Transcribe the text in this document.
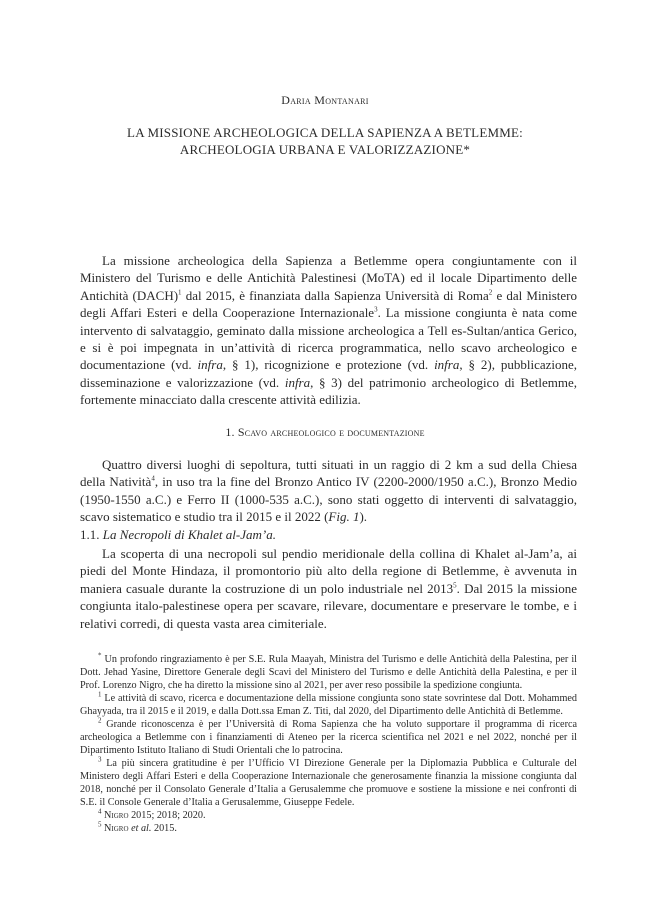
Daria Montanari
LA MISSIONE ARCHEOLOGICA DELLA SAPIENZA A BETLEMME:
ARCHEOLOGIA URBANA E VALORIZZAZIONE*

La missione archeologica della Sapienza a Betlemme opera congiuntamente con il Ministero del Turismo e delle Antichità Palestinesi (MoTA) ed il locale Dipartimento delle Antichità (DACH)$^1$ dal 2015, è finanziata dalla Sapienza Università di Roma$^2$ e dal Ministero degli Affari Esteri e della Cooperazione Internazionale$^3$. La missione congiunta è nata come intervento di salvataggio, geminato dalla missione archeologica a Tell es-Sultan/antica Gerico, e si è poi impegnata in un’attività di ricerca programmatica, nello scavo archeologico e documentazione (vd. infra, § 1), ricognizione e protezione (vd. infra, § 2), pubblicazione, disseminazione e valorizzazione (vd. infra, § 3) del patrimonio archeologico di Betlemme, fortemente minacciato dalla crescente attività edilizia.

1. Scavo archeologico e documentazione

Quattro diversi luoghi di sepoltura, tutti situati in un raggio di 2 km a sud della Chiesa della Natività$^4$, in uso tra la fine del Bronzo Antico IV (2200-2000/1950 a.C.), Bronzo Medio (1950-1550 a.C.) e Ferro II (1000-535 a.C.), sono stati oggetto di interventi di salvataggio, scavo sistematico e studio tra il 2015 e il 2022 (Fig. 1).

1.1. La Necropoli di Khalet al-Jam’a.

La scoperta di una necropoli sul pendio meridionale della collina di Khalet al-Jam’a, ai piedi del Monte Hindaza, il promontorio più alto della regione di Betlemme, è avvenuta in maniera casuale durante la costruzione di un polo industriale nel 2013$^5$. Dal 2015 la missione congiunta italo-palestinese opera per scavare, rilevare, documentare e preservare le tombe, e i relativi corredi, di questa vasta area cimiteriale.

* Un profondo ringraziamento è per S.E. Rula Maayah, Ministra del Turismo e delle Antichità della Palestina, per il Dott. Jehad Yasine, Direttore Generale degli Scavi del Ministero del Turismo e delle Antichità della Palestina, e per il Prof. Lorenzo Nigro, che ha diretto la missione sino al 2021, per aver reso possibile la spedizione congiunta.

$^1$ Le attività di scavo, ricerca e documentazione della missione congiunta sono state sovrintese dal Dott. Mohammed Ghayyada, tra il 2015 e il 2019, e dalla Dott.ssa Eman Z. Titi, dal 2020, del Dipartimento delle Antichità di Betlemme.

$^2$ Grande riconoscenza è per l’Università di Roma Sapienza che ha voluto supportare il programma di ricerca archeologica a Betlemme con i finanziamenti di Ateneo per la ricerca scientifica nel 2021 e nel 2022, nonché per il Dipartimento Istituto Italiano di Studi Orientali che lo patrocina.

$^3$ La più sincera gratitudine è per l’Ufficio VI Direzione Generale per la Diplomazia Pubblica e Culturale del Ministero degli Affari Esteri e della Cooperazione Internazionale che generosamente finanzia la missione congiunta dal 2018, nonché per il Consolato Generale d’Italia a Gerusalemme che promuove e sostiene la missione e nei confronti di S.E. il Console Generale d’Italia a Gerusalemme, Giuseppe Fedele.

$^4$ Nigro 2015; 2018; 2020.

$^5$ Nigro et al. 2015.
